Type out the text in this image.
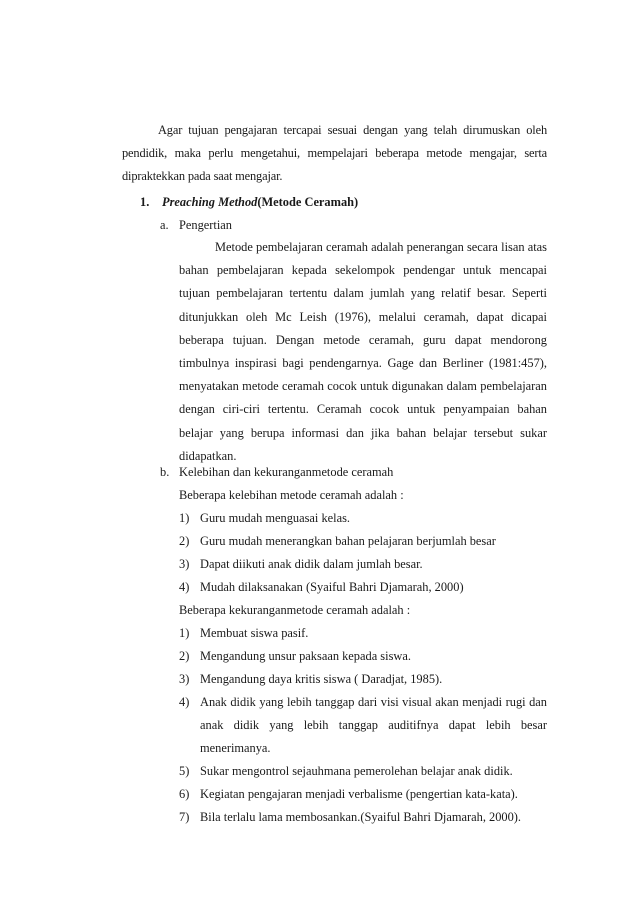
Agar tujuan pengajaran tercapai sesuai dengan yang telah dirumuskan oleh pendidik, maka perlu mengetahui, mempelajari beberapa metode mengajar, serta dipraktekkan pada saat mengajar.

1. Preaching Method(Metode Ceramah)
a. Pengertian

Metode pembelajaran ceramah adalah penerangan secara lisan atas bahan pembelajaran kepada sekelompok pendengar untuk mencapai tujuan pembelajaran tertentu dalam jumlah yang relatif besar. Seperti ditunjukkan oleh Mc Leish (1976), melalui ceramah, dapat dicapai beberapa tujuan. Dengan metode ceramah, guru dapat mendorong timbulnya inspirasi bagi pendengarnya. Gage dan Berliner (1981:457), menyatakan metode ceramah cocok untuk digunakan dalam pembelajaran dengan ciri-ciri tertentu. Ceramah cocok untuk penyampaian bahan belajar yang berupa informasi dan jika bahan belajar tersebut sukar didapatkan.

b. Kelebihan dan kekuranganmetode ceramah
Beberapa kelebihan metode ceramah adalah :
1) Guru mudah menguasai kelas.
2) Guru mudah menerangkan bahan pelajaran berjumlah besar
3) Dapat diikuti anak didik dalam jumlah besar.
4) Mudah dilaksanakan (Syaiful Bahri Djamarah, 2000)
Beberapa kekuranganmetode ceramah adalah :
1) Membuat siswa pasif.
2) Mengandung unsur paksaan kepada siswa.
3) Mengandung daya kritis siswa ( Daradjat, 1985).
4) Anak didik yang lebih tanggap dari visi visual akan menjadi rugi dan anak didik yang lebih tanggap auditifnya dapat lebih besar menerimanya.
5) Sukar mengontrol sejauhmana pemerolehan belajar anak didik.
6) Kegiatan pengajaran menjadi verbalisme (pengertian kata-kata).
7) Bila terlalu lama membosankan.(Syaiful Bahri Djamarah, 2000).
